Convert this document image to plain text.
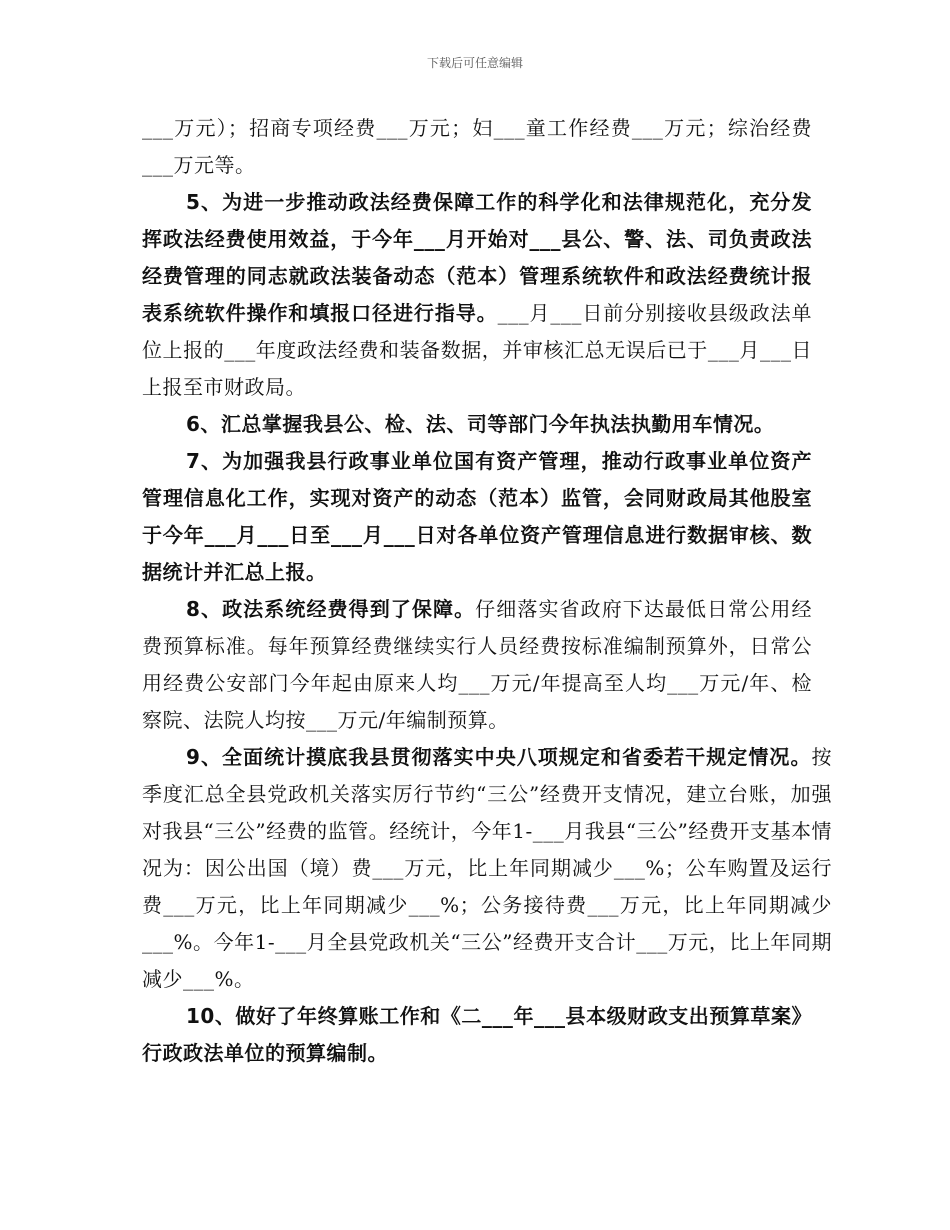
下载后可任意编辑

___万元）；招商专项经费___万元；妇___童工作经费___万元；综治经费___万元等。

5、为进一步推动政法经费保障工作的科学化和法律规范化，充分发挥政法经费使用效益，于今年___月开始对___县公、警、法、司负责政法经费管理的同志就政法装备动态（范本）管理系统软件和政法经费统计报表系统软件操作和填报口径进行指导。___月___日前分别接收县级政法单位上报的___年度政法经费和装备数据，并审核汇总无误后已于___月___日上报至市财政局。

6、汇总掌握我县公、检、法、司等部门今年执法执勤用车情况。

7、为加强我县行政事业单位国有资产管理，推动行政事业单位资产管理信息化工作，实现对资产的动态（范本）监管，会同财政局其他股室于今年___月___日至___月___日对各单位资产管理信息进行数据审核、数据统计并汇总上报。

8、政法系统经费得到了保障。仔细落实省政府下达最低日常公用经费预算标准。每年预算经费继续实行人员经费按标准编制预算外，日常公用经费公安部门今年起由原来人均___万元/年提高至人均___万元/年、检察院、法院人均按___万元/年编制预算。

9、全面统计摸底我县贯彻落实中央八项规定和省委若干规定情况。按季度汇总全县党政机关落实厉行节约“三公”经费开支情况，建立台账，加强对我县“三公”经费的监管。经统计，今年1-___月我县“三公”经费开支基本情况为：因公出国（境）费___万元，比上年同期减少___%；公车购置及运行费___万元，比上年同期减少___%；公务接待费___万元，比上年同期减少___%。今年1-___月全县党政机关“三公”经费开支合计___万元，比上年同期减少___%。

10、做好了年终算账工作和《二___年___县本级财政支出预算草案》行政政法单位的预算编制。
